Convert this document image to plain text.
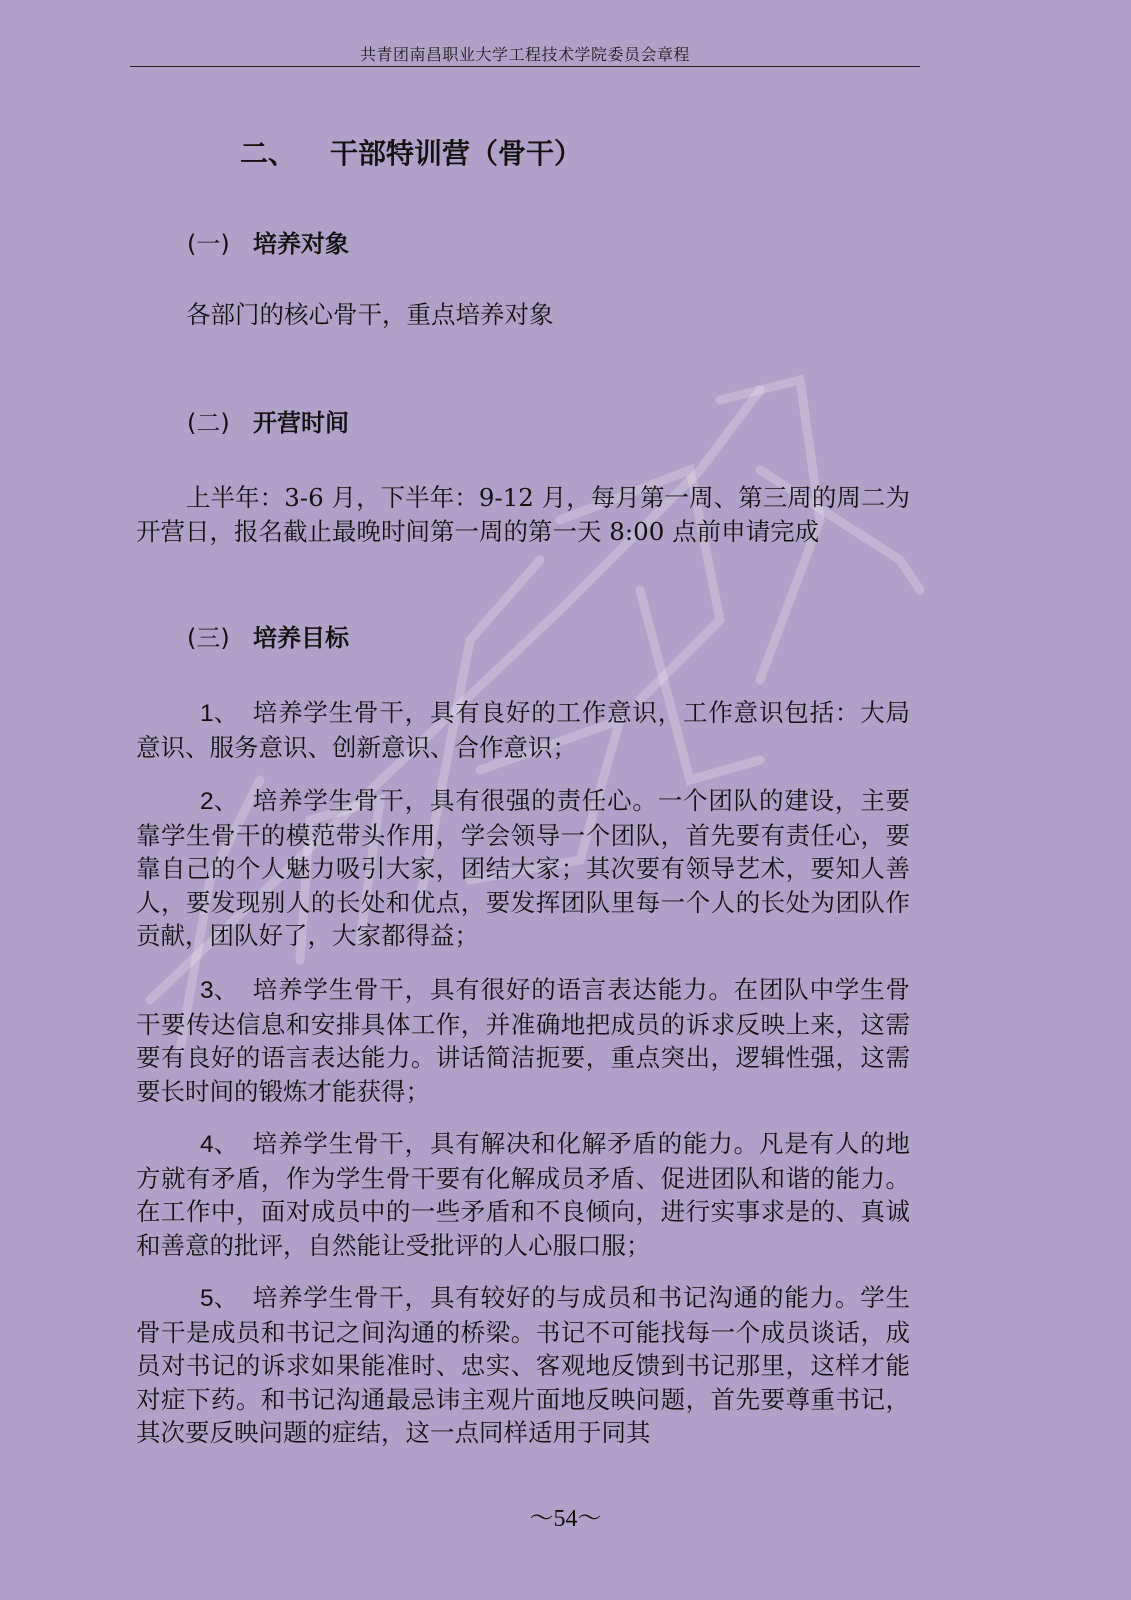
共青团南昌职业大学工程技术学院委员会章程
二、 干部特训营（骨干）
(一) 培养对象
各部门的核心骨干，重点培养对象
(二) 开营时间

上半年：3-6 月，下半年：9-12 月，每月第一周、第三周的周二为开营日，报名截止最晚时间第一周的第一天 8:00 点前申请完成

(三) 培养目标

1、 培养学生骨干，具有良好的工作意识，工作意识包括：大局意识、服务意识、创新意识、合作意识；

2、 培养学生骨干，具有很强的责任心。一个团队的建设，主要靠学生骨干的模范带头作用，学会领导一个团队，首先要有责任心，要靠自己的个人魅力吸引大家，团结大家；其次要有领导艺术，要知人善人，要发现别人的长处和优点，要发挥团队里每一个人的长处为团队作贡献，团队好了，大家都得益；

3、 培养学生骨干，具有很好的语言表达能力。在团队中学生骨干要传达信息和安排具体工作，并准确地把成员的诉求反映上来，这需要有良好的语言表达能力。讲话简洁扼要，重点突出，逻辑性强，这需要长时间的锻炼才能获得；

4、 培养学生骨干，具有解决和化解矛盾的能力。凡是有人的地方就有矛盾，作为学生骨干要有化解成员矛盾、促进团队和谐的能力。在工作中，面对成员中的一些矛盾和不良倾向，进行实事求是的、真诚和善意的批评，自然能让受批评的人心服口服；

5、 培养学生骨干，具有较好的与成员和书记沟通的能力。学生骨干是成员和书记之间沟通的桥梁。书记不可能找每一个成员谈话，成员对书记的诉求如果能准时、忠实、客观地反馈到书记那里，这样才能对症下药。和书记沟通最忌讳主观片面地反映问题，首先要尊重书记，其次要反映问题的症结，这一点同样适用于同其

～54～
